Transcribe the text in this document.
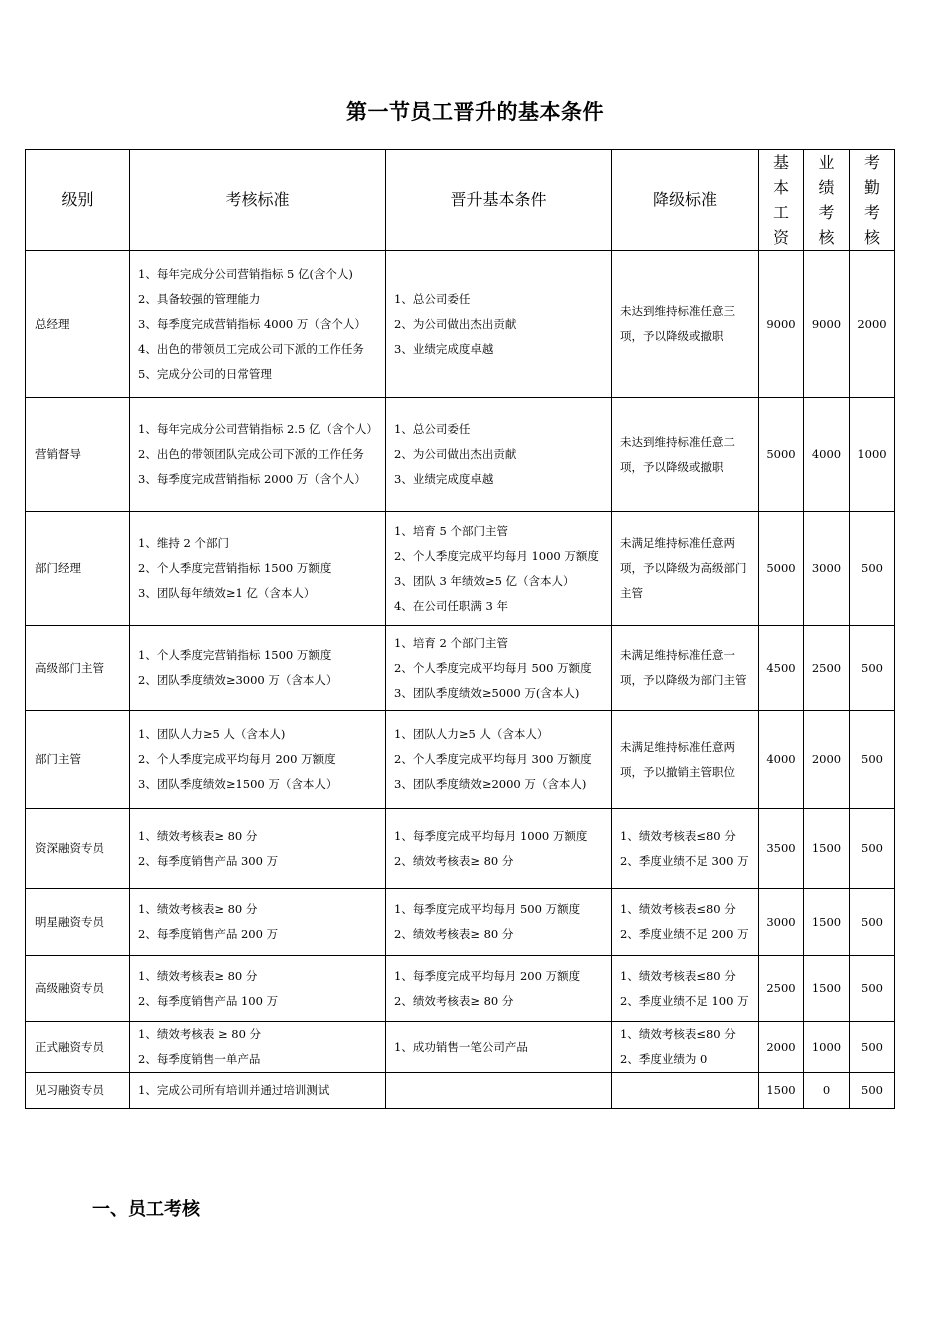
第一节员工晋升的基本条件
级别	考核标准	晋升基本条件	降级标准	基
本
工
资	业
绩
考
核	考
勤
考
核

总经理	1、每年完成分公司营销指标 5 亿(含个人)
2、具备较强的管理能力
3、每季度完成营销指标 4000 万（含个人）
4、出色的带领员工完成公司下派的工作任务
5、完成分公司的日常管理	1、总公司委任
2、为公司做出杰出贡献
3、业绩完成度卓越	未达到维持标准任意三项，予以降级或撤职	9000	9000	2000
营销督导	1、每年完成分公司营销指标 2.5 亿（含个人）
2、出色的带领团队完成公司下派的工作任务
3、每季度完成营销指标 2000 万（含个人）	1、总公司委任
2、为公司做出杰出贡献
3、业绩完成度卓越	未达到维持标准任意二项，予以降级或撤职	5000	4000	1000
部门经理	1、维持 2 个部门
2、个人季度完营销指标 1500 万额度
3、团队每年绩效≥1 亿（含本人）	1、培育 5 个部门主管
2、个人季度完成平均每月 1000 万额度
3、团队 3 年绩效≥5 亿（含本人）
4、在公司任职满 3 年	未满足维持标准任意两项，予以降级为高级部门主管	5000	3000	500
高级部门主管	1、个人季度完营销指标 1500 万额度
2、团队季度绩效≥3000 万（含本人）	1、培育 2 个部门主管
2、个人季度完成平均每月 500 万额度
3、团队季度绩效≥5000 万(含本人)	未满足维持标准任意一项，予以降级为部门主管	4500	2500	500
部门主管	1、团队人力≥5 人（含本人)
2、个人季度完成平均每月 200 万额度
3、团队季度绩效≥1500 万（含本人）	1、团队人力≥5 人（含本人）
2、个人季度完成平均每月 300 万额度
3、团队季度绩效≥2000 万（含本人)	未满足维持标准任意两项，予以撤销主管职位	4000	2000	500
资深融资专员	1、绩效考核表≥ 80 分
2、每季度销售产品 300 万	1、每季度完成平均每月 1000 万额度
2、绩效考核表≥ 80 分	1、绩效考核表≤80 分
2、季度业绩不足 300 万	3500	1500	500
明星融资专员	1、绩效考核表≥ 80 分
2、每季度销售产品 200 万	1、每季度完成平均每月 500 万额度
2、绩效考核表≥ 80 分	1、绩效考核表≤80 分
2、季度业绩不足 200 万	3000	1500	500
高级融资专员	1、绩效考核表≥ 80 分
2、每季度销售产品 100 万	1、每季度完成平均每月 200 万额度
2、绩效考核表≥ 80 分	1、绩效考核表≤80 分
2、季度业绩不足 100 万	2500	1500	500
正式融资专员	1、绩效考核表 ≥ 80 分
2、每季度销售一单产品	1、成功销售一笔公司产品	1、绩效考核表≤80 分
2、季度业绩为 0	2000	1000	500
见习融资专员	1、完成公司所有培训并通过培训测试			1500	0	500
一、员工考核
